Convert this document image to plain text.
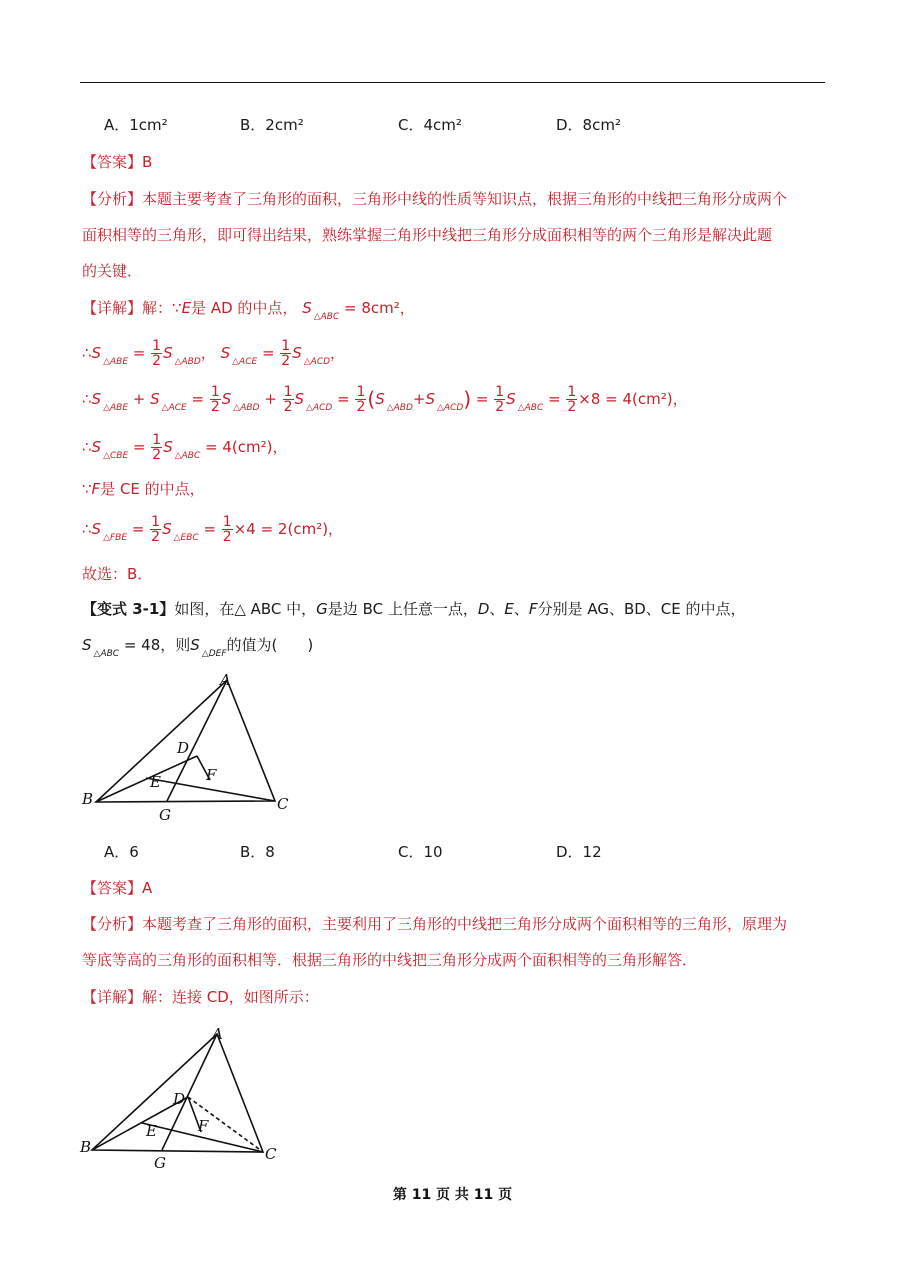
A．1cm²	B．2cm²	C．4cm²	D．8cm²
【答案】B
【分析】本题主要考查了三角形的面积，三角形中线的性质等知识点，根据三角形的中线把三角形分成两个
面积相等的三角形，即可得出结果，熟练掌握三角形中线把三角形分成面积相等的两个三角形是解决此题
的关键．
【详解】解：∵E是 AD 的中点， S $_{\triangle ABC}$ = 8cm²，
∴S $_{\triangle ABE} = \frac{1}{2}$ S $_{\triangle ABD}$， S $_{\triangle ACE} = \frac{1}{2}$ S $_{\triangle ACD}$，
∴S $_{\triangle ABE}$ + S $_{\triangle ACE} = \frac{1}{2}$ S $_{\triangle ABD} + \frac{1}{2}$ S $_{\triangle ACD} = \frac{1}{2} (S$ $_{\triangle ABD}$+S $_{\triangle ACD}) = \frac{1}{2}$ S $_{\triangle ABC} = \frac{1}{2} \times 8 = 4(cm^2)$，
∴S $_{\triangle CBE} = \frac{1}{2}$ S $_{\triangle ABC}$ = 4(cm²)，
∵F是 CE 的中点，
∴S $_{\triangle FBE} = \frac{1}{2}$ S $_{\triangle EBC} = \frac{1}{2} \times 4 = 2(cm^2)$，
故选：B．
【变式 3-1】如图，在△ ABC 中，G是边 BC 上任意一点，D、E、F分别是 AG、BD、CE 的中点，
S $_{\triangle ABC}$ = 48，则S $_{\triangle DEF}$的值为(　　)
A
B	C
D
E	F
G
A．6	B．8	C．10	D．12
【答案】A
【分析】本题考查了三角形的面积，主要利用了三角形的中线把三角形分成两个面积相等的三角形，原理为
等底等高的三角形的面积相等．根据三角形的中线把三角形分成两个面积相等的三角形解答．
【详解】解：连接 CD，如图所示：
A
B	C
D
E	F
G
第 11 页 共 11 页
